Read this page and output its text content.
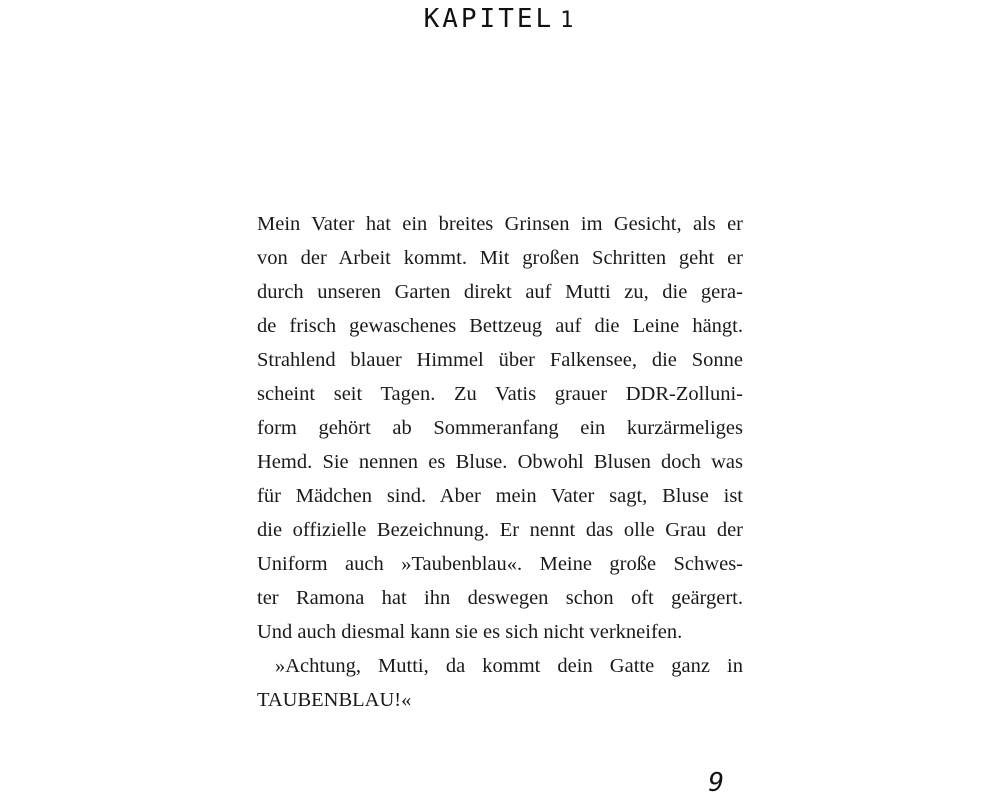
KAPITEL 1
Mein Vater hat ein breites Grinsen im Gesicht, als er
von der Arbeit kommt. Mit großen Schritten geht er
durch unseren Garten direkt auf Mutti zu, die gera-
de frisch gewaschenes Bettzeug auf die Leine hängt.
Strahlend blauer Himmel über Falkensee, die Sonne
scheint seit Tagen. Zu Vatis grauer DDR-Zolluni-
form gehört ab Sommeranfang ein kurzärmeliges
Hemd. Sie nennen es Bluse. Obwohl Blusen doch was
für Mädchen sind. Aber mein Vater sagt, Bluse ist
die offizielle Bezeichnung. Er nennt das olle Grau der
Uniform auch »Taubenblau«. Meine große Schwes-
ter Ramona hat ihn deswegen schon oft geärgert.
Und auch diesmal kann sie es sich nicht verkneifen.
»Achtung, Mutti, da kommt dein Gatte ganz in
TAUBENBLAU!«
9
